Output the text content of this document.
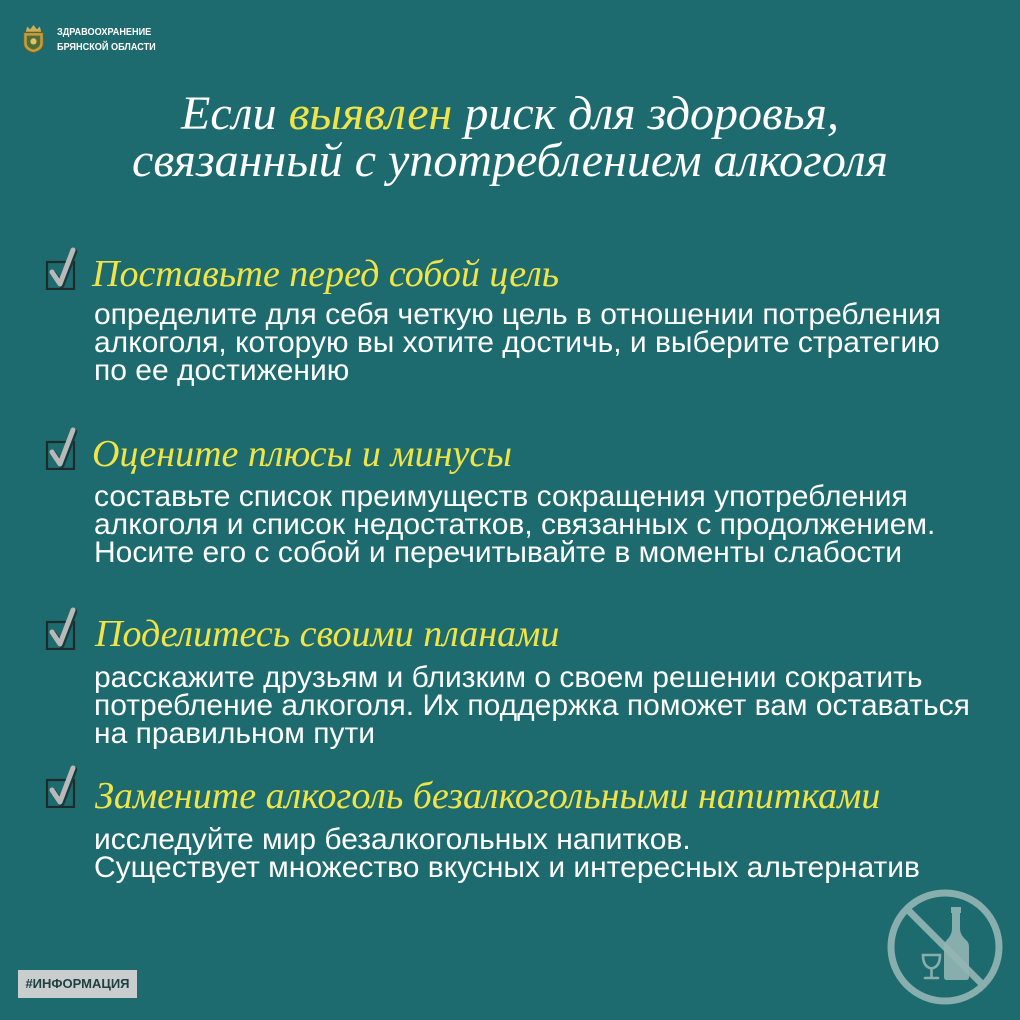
ЗДРАВООХРАНЕНИЕ
БРЯНСКОЙ ОБЛАСТИ
Если выявлен риск для здоровья,
связанный с употреблением алкоголя
Поставьте перед собой цель
определите для себя четкую цель в отношении потребления
алкоголя, которую вы хотите достичь, и выберите стратегию
по ее достижению
Оцените плюсы и минусы
составьте список преимуществ сокращения употребления
алкоголя и список недостатков, связанных с продолжением.
Носите его с собой и перечитывайте в моменты слабости
Поделитесь своими планами
расскажите друзьям и близким о своем решении сократить
потребление алкоголя. Их поддержка поможет вам оставаться
на правильном пути
Замените алкоголь безалкогольными напитками
исследуйте мир безалкогольных напитков.
Существует множество вкусных и интересных альтернатив
#ИНФОРМАЦИЯ
